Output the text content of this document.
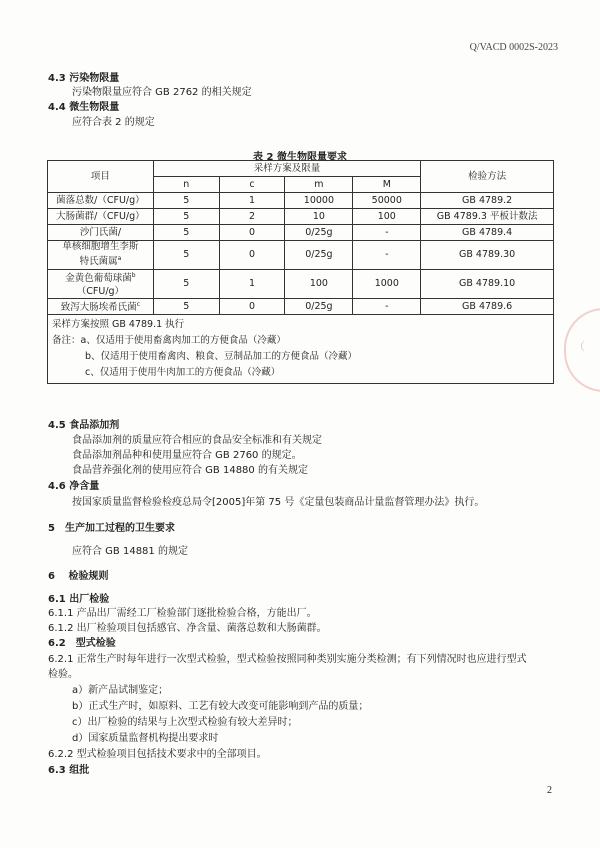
Q/VACD 0002S-2023
4.3 污染物限量
污染物限量应符合 GB 2762 的相关规定
4.4 微生物限量
应符合表 2 的规定
表 2 微生物限量要求
项目	采样方案及限量				检验方法
	n	c	m	M	
菌落总数/（CFU/g）	5	1	10000	50000	GB 4789.2
大肠菌群/（CFU/g）	5	2	10	100	GB 4789.3 平板计数法
沙门氏菌/	5	0	0/25g	-	GB 4789.4
单核细胞增生李斯
特氏菌属$^a$	5	0	0/25g	-	GB 4789.30
金黄色葡萄球菌$^b$
（CFU/g）	5	1	100	1000	GB 4789.10
致泻大肠埃希氏菌$^c$	5	0	0/25g	-	GB 4789.6

采样方案按照 GB 4789.1 执行
备注：a、仅适用于使用畜禽肉加工的方便食品（冷藏）
b、仅适用于使用畜禽肉、粮食、豆制品加工的方便食品（冷藏）
c、仅适用于使用牛肉加工的方便食品（冷藏）					
4.5 食品添加剂
食品添加剂的质量应符合相应的食品安全标准和有关规定
食品添加剂品种和使用量应符合 GB 2760 的规定。
食品营养强化剂的使用应符合 GB 14880 的有关规定
4.6 净含量
按国家质量监督检验检疫总局令[2005]年第 75 号《定量包装商品计量监督管理办法》执行。
5　生产加工过程的卫生要求
应符合 GB 14881 的规定
6　 检验规则
6.1 出厂检验
6.1.1 产品出厂需经工厂检验部门逐批检验合格，方能出厂。
6.1.2 出厂检验项目包括感官、净含量、菌落总数和大肠菌群。
6.2　型式检验
6.2.1 正常生产时每年进行一次型式检验，型式检验按照同种类别实施分类检测；有下列情况时也应进行型式
检验。
a）新产品试制鉴定；
b）正式生产时，如原料、工艺有较大改变可能影响到产品的质量；
c）出厂检验的结果与上次型式检验有较大差异时；
d）国家质量监督机构提出要求时
6.2.2 型式检验项目包括技术要求中的全部项目。
6.3 组批
2
（　
